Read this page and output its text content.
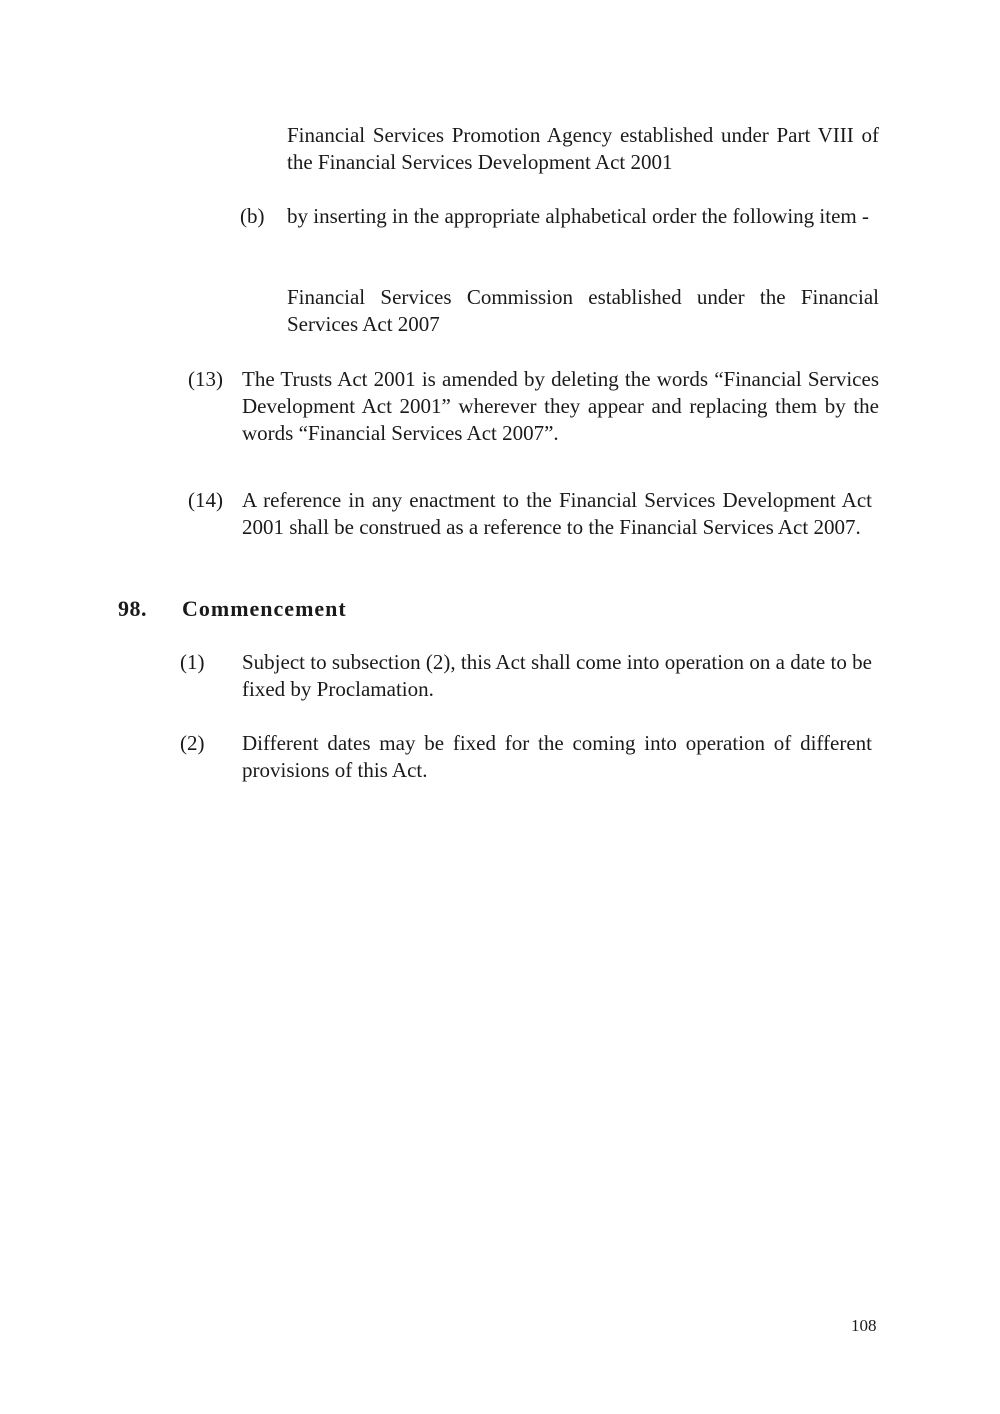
Financial Services Promotion Agency established under Part VIII of the Financial Services Development Act 2001
(b) by inserting in the appropriate alphabetical order the following item -
Financial Services Commission established under the Financial Services Act 2007
(13) The Trusts Act 2001 is amended by deleting the words “Financial Services Development Act 2001” wherever they appear and replacing them by the words “Financial Services Act 2007”.
(14) A reference in any enactment to the Financial Services Development Act 2001 shall be construed as a reference to the Financial Services Act 2007.
98. Commencement
(1) Subject to subsection (2), this Act shall come into operation on a date to be fixed by Proclamation.
(2) Different dates may be fixed for the coming into operation of different provisions of this Act.
108
